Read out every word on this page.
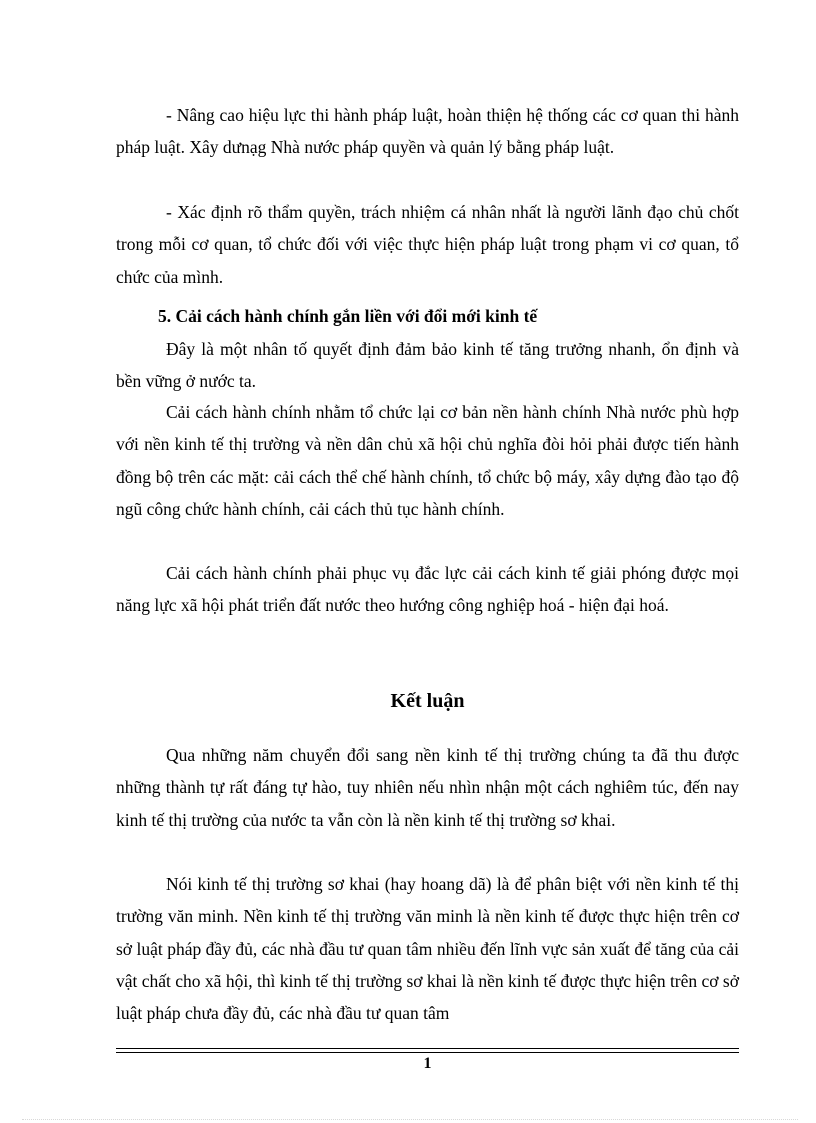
- Nâng cao hiệu lực thi hành pháp luật, hoàn thiện hệ thống các cơ quan thi hành pháp luật. Xây dưnạg Nhà nước pháp quyền và quản lý bằng pháp luật.

- Xác định rõ thẩm quyền, trách nhiệm cá nhân nhất là người lãnh đạo chủ chốt trong mỗi cơ quan, tổ chức đối với việc thực hiện pháp luật trong phạm vi cơ quan, tổ chức của mình.

5. Cải cách hành chính gắn liền với đổi mới kinh tế

Đây là một nhân tố quyết định đảm bảo kinh tế tăng trưởng nhanh, ổn định và bền vững ở nước ta.

Cải cách hành chính nhằm tổ chức lại cơ bản nền hành chính Nhà nước phù hợp với nền kinh tế thị trường và nền dân chủ xã hội chủ nghĩa đòi hỏi phải được tiến hành đồng bộ trên các mặt: cải cách thể chế hành chính, tổ chức bộ máy, xây dựng đào tạo độ ngũ công chức hành chính, cải cách thủ tục hành chính.

Cải cách hành chính phải phục vụ đắc lực cải cách kinh tế giải phóng được mọi năng lực xã hội phát triển đất nước theo hướng công nghiệp hoá - hiện đại hoá.

Kết luận

Qua những năm chuyển đổi sang nền kinh tế thị trường chúng ta đã thu được những thành tự rất đáng tự hào, tuy nhiên nếu nhìn nhận một cách nghiêm túc, đến nay kinh tế thị trường của nước ta vẫn còn là nền kinh tế thị trường sơ khai.

Nói kinh tế thị trường sơ khai (hay hoang dã) là để phân biệt với nền kinh tế thị trường văn minh. Nền kinh tế thị trường văn minh là nền kinh tế được thực hiện trên cơ sở luật pháp đầy đủ, các nhà đầu tư quan tâm nhiều đến lĩnh vực sản xuất để tăng của cải vật chất cho xã hội, thì kinh tế thị trường sơ khai là nền kinh tế được thực hiện trên cơ sở luật pháp chưa đầy đủ, các nhà đầu tư quan tâm

1
